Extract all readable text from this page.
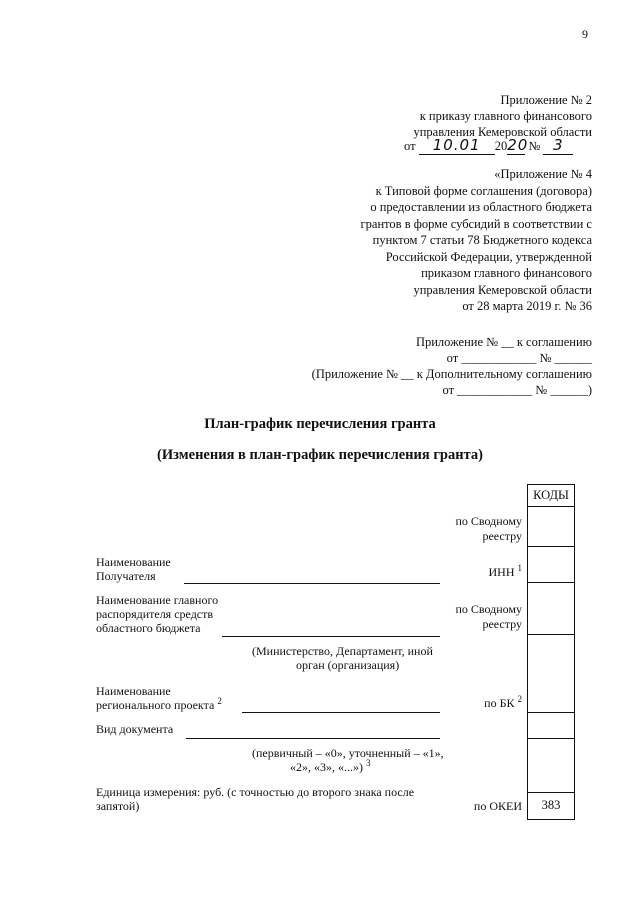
9
Приложение № 2
к приказу главного финансового
управления Кемеровской области
от 10.01 2020 № 3
«Приложение № 4
к Типовой форме соглашения (договора)
о предоставлении из областного бюджета
грантов в форме субсидий в соответствии с
пунктом 7 статьи 78 Бюджетного кодекса
Российской Федерации, утвержденной
приказом главного финансового
управления Кемеровской области
от 28 марта 2019 г. № 36
Приложение № __ к соглашению
от ____________ № ______
(Приложение № __ к Дополнительному соглашению
от ____________ № ______)
План-график перечисления гранта
(Изменения в план-график перечисления гранта)
КОДЫ
383
по Сводному
реестру
ИНН $^1$
по Сводному
реестру
по БК $^2$
по ОКЕИ
Наименование
Получателя
Наименование главного
распорядителя средств
областного бюджета
(Министерство, Департамент, иной
орган (организация)
Наименование
регионального проекта $^2$
Вид документа
(первичный – «0», уточненный – «1»,
«2», «3», «...») $^3$
Единица измерения: руб. (с точностью до второго знака после
запятой)
